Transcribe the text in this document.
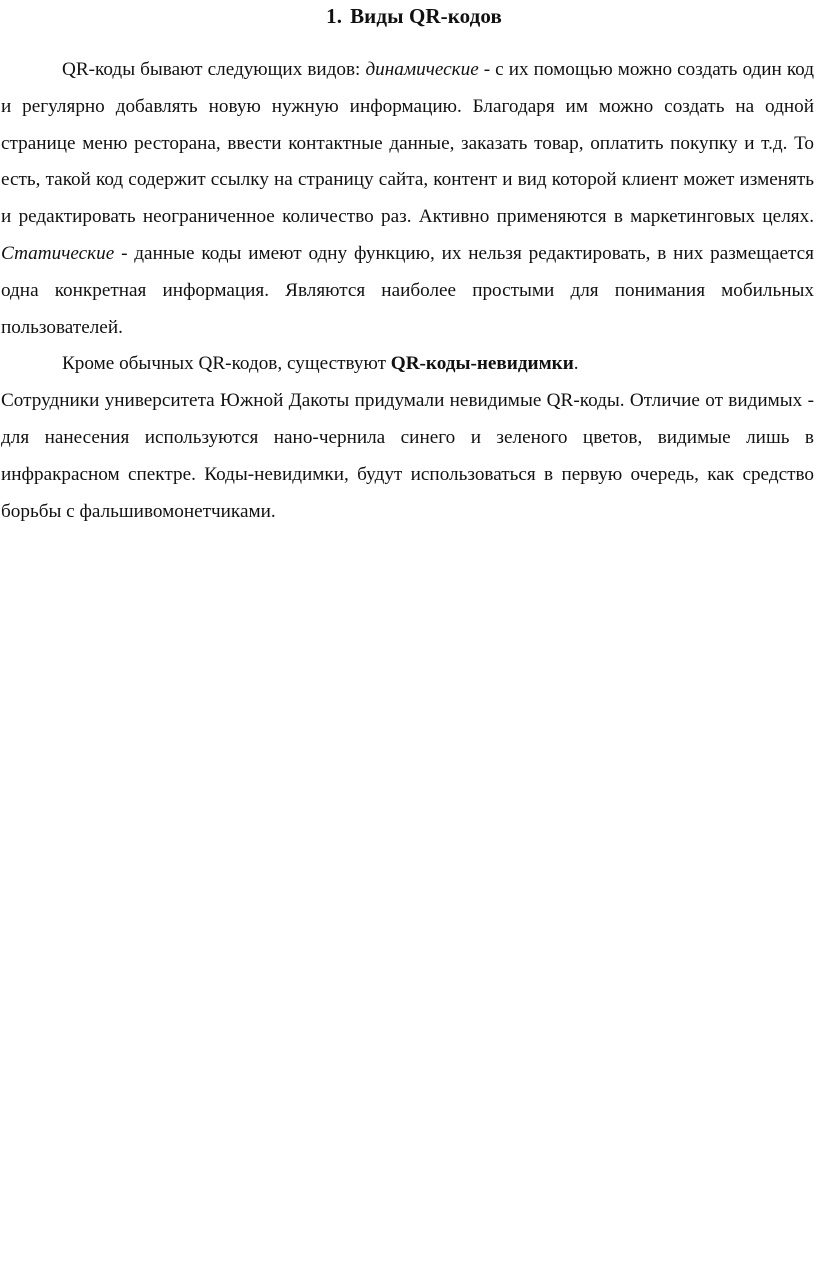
1. Виды QR-кодов

QR-коды бывают следующих видов: динамические - с их помощью можно создать один код и регулярно добавлять новую нужную информацию. Благодаря им можно создать на одной странице меню ресторана, ввести контактные данные, заказать товар, оплатить покупку и т.д. То есть, такой код содержит ссылку на страницу сайта, контент и вид которой клиент может изменять и редактировать неограниченное количество раз. Активно применяются в маркетинговых целях. Статические - данные коды имеют одну функцию, их нельзя редактировать, в них размещается одна конкретная информация. Являются наиболее простыми для понимания мобильных пользователей.

Кроме обычных QR-кодов, существуют QR-коды-невидимки.

Сотрудники университета Южной Дакоты придумали невидимые QR-коды. Отличие от видимых - для нанесения используются нано-чернила синего и зеленого цветов, видимые лишь в инфракрасном спектре. Коды-невидимки, будут использоваться в первую очередь, как средство борьбы с фальшивомонетчиками.
